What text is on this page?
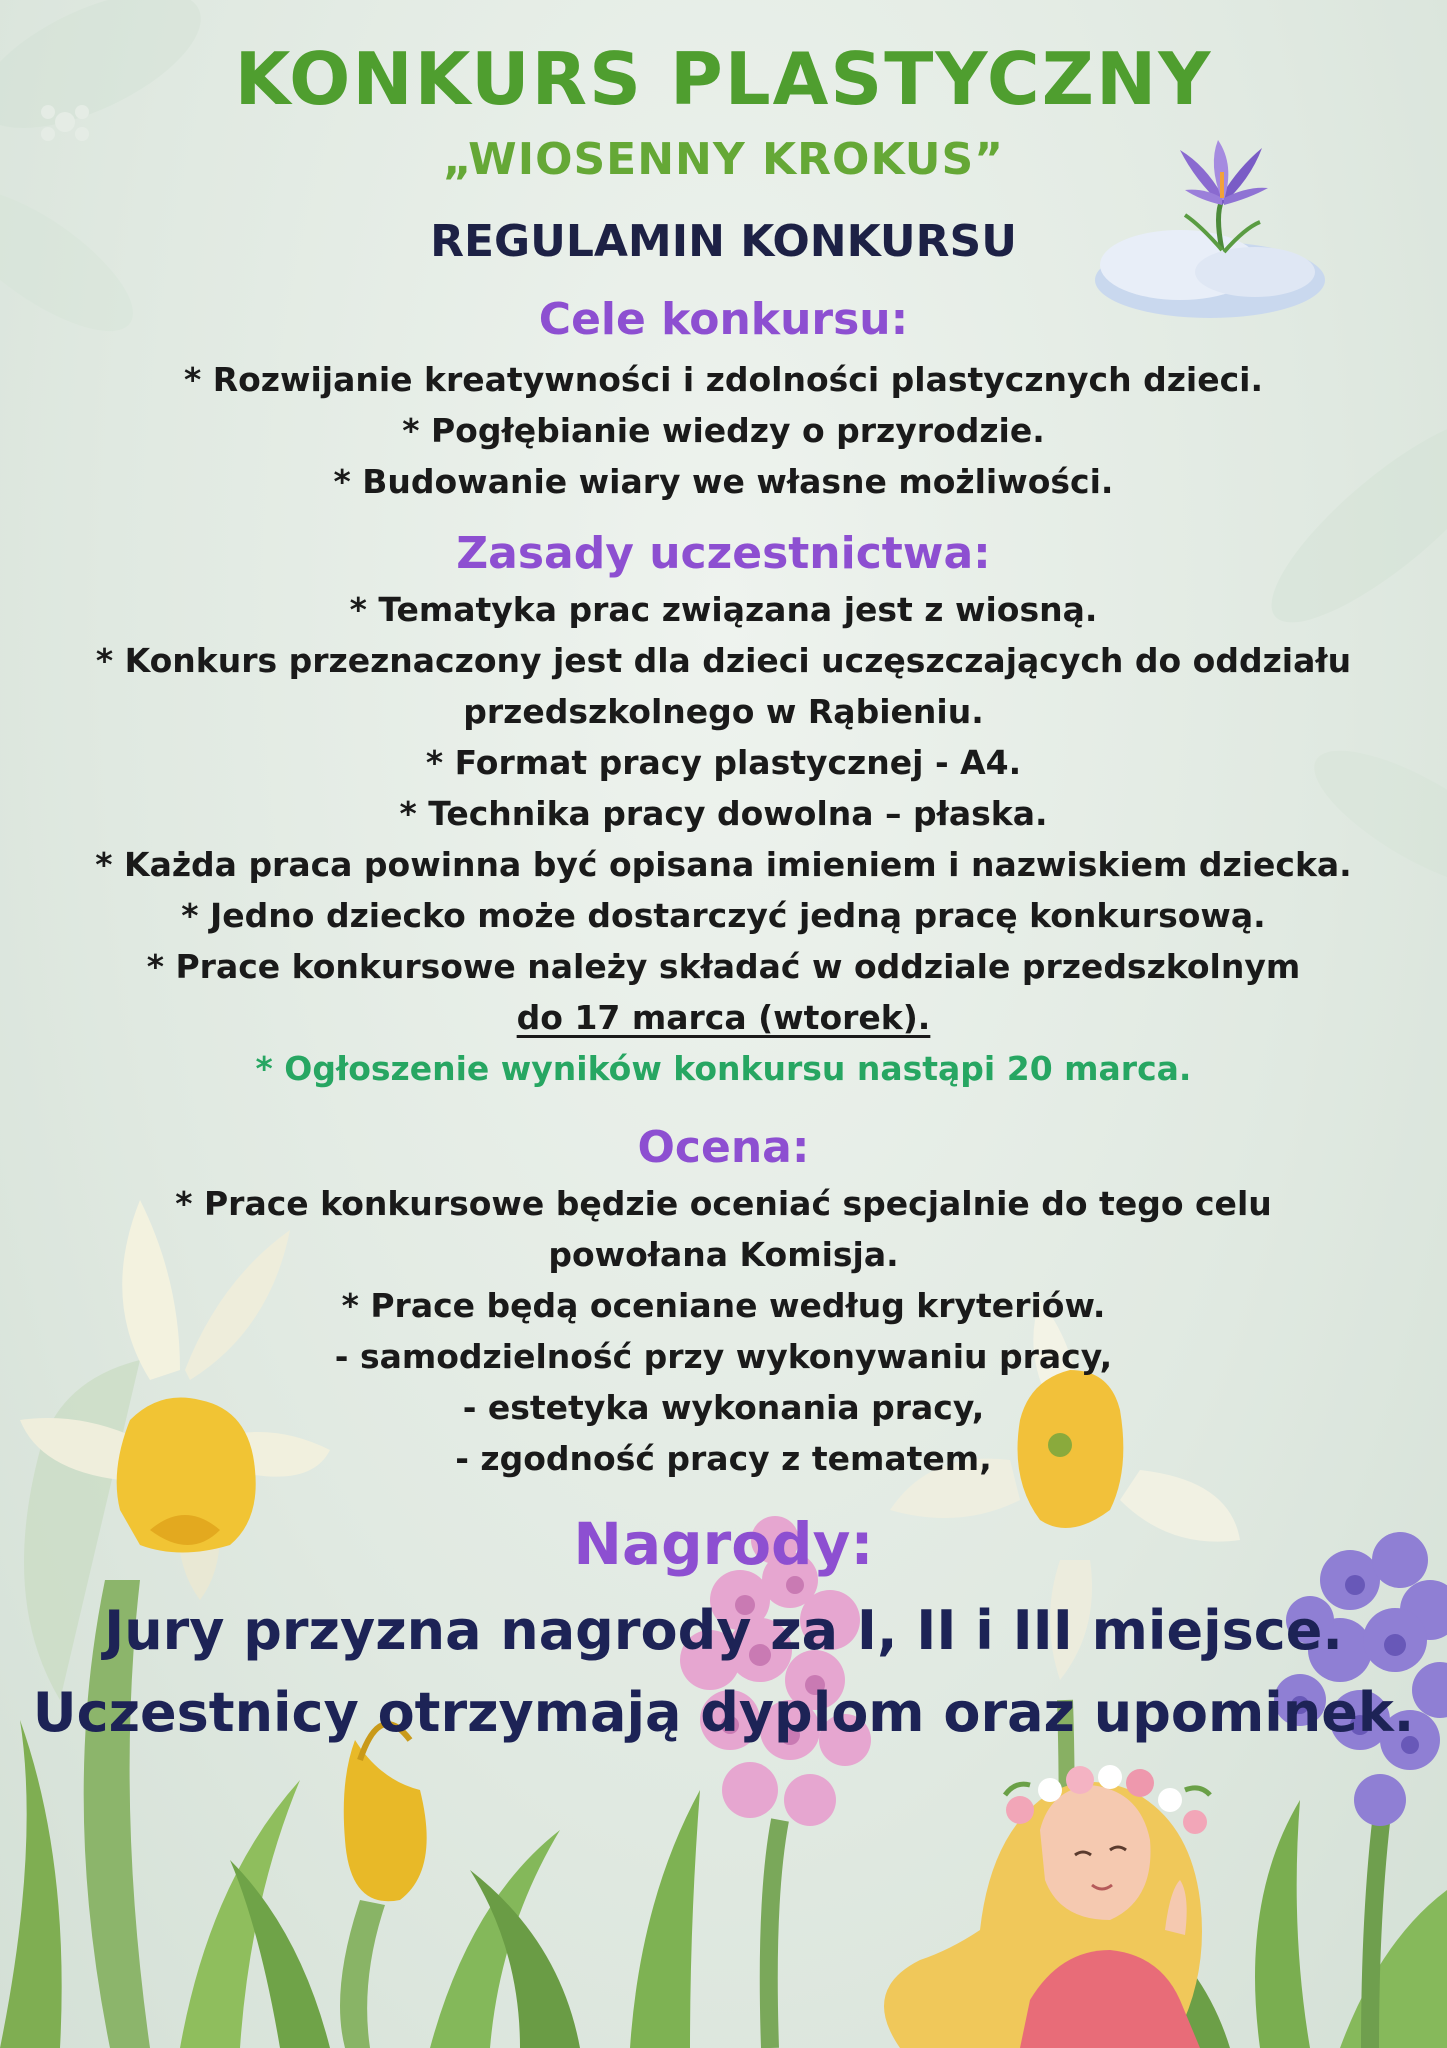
KONKURS PLASTYCZNY
„WIOSENNY KROKUS”
REGULAMIN KONKURSU
Cele konkursu:
* Rozwijanie kreatywności i zdolności plastycznych dzieci.
* Pogłębianie wiedzy o przyrodzie.
* Budowanie wiary we własne możliwości.
Zasady uczestnictwa:
* Tematyka prac związana jest z wiosną.
* Konkurs przeznaczony jest dla dzieci uczęszczających do oddziału
przedszkolnego w Rąbieniu.
* Format pracy plastycznej - A4.
* Technika pracy dowolna – płaska.
* Każda praca powinna być opisana imieniem i nazwiskiem dziecka.
* Jedno dziecko może dostarczyć jedną pracę konkursową.
* Prace konkursowe należy składać w oddziale przedszkolnym
do 17 marca (wtorek).
* Ogłoszenie wyników konkursu nastąpi 20 marca.
Ocena:
* Prace konkursowe będzie oceniać specjalnie do tego celu
powołana Komisja.
* Prace będą oceniane według kryteriów.
- samodzielność przy wykonywaniu pracy,
- estetyka wykonania pracy,
- zgodność pracy z tematem,
Nagrody:
Jury przyzna nagrody za I, II i III miejsce.
Uczestnicy otrzymają dyplom oraz upominek.
